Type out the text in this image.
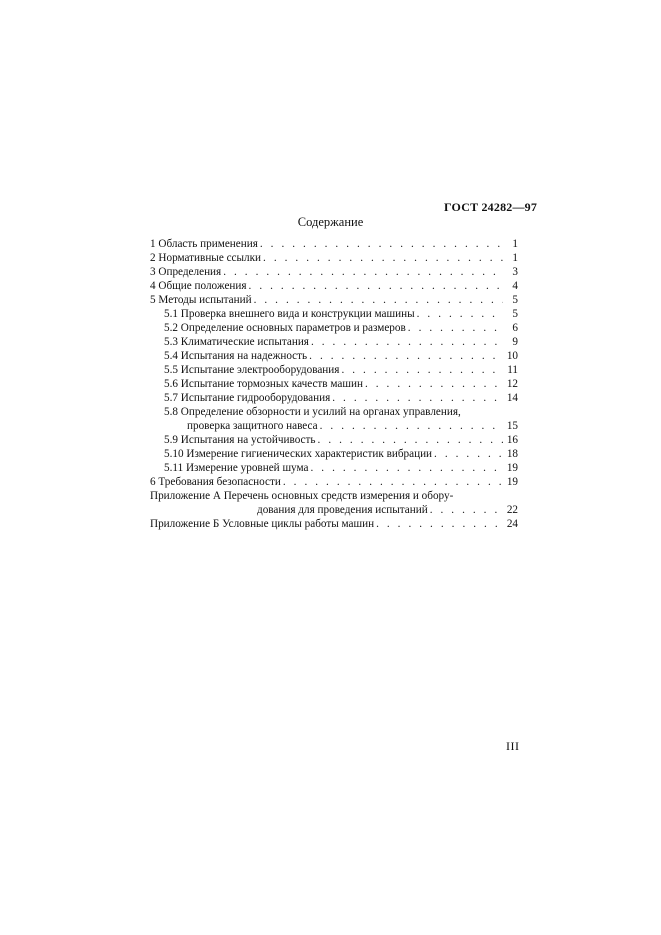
ГОСТ 24282—97
Содержание
1 Область применения . . .	1
2 Нормативные ссылки . . .	1
3 Определения . . .	3
4 Общие положения . . .	4
5 Методы испытаний . . .	5
5.1 Проверка внешнего вида и конструкции машины . . .	5
5.2 Определение основных параметров и размеров . . .	6
5.3 Климатические испытания . . .	9
5.4 Испытания на надежность . . .	10
5.5 Испытание электрооборудования . . .	11
5.6 Испытание тормозных качеств машин . . .	12
5.7 Испытание гидрооборудования . . .	14
5.8 Определение обзорности и усилий на органах управления,
проверка защитного навеса . . .	15
5.9 Испытания на устойчивость . . .	16
5.10 Измерение гигиенических характеристик вибрации . . .	18
5.11 Измерение уровней шума . . .	19
6 Требования безопасности . . .	19
Приложение А Перечень основных средств измерения и обору-
дования для проведения испытаний . . .	22
Приложение Б Условные циклы работы машин . . .	24
III
